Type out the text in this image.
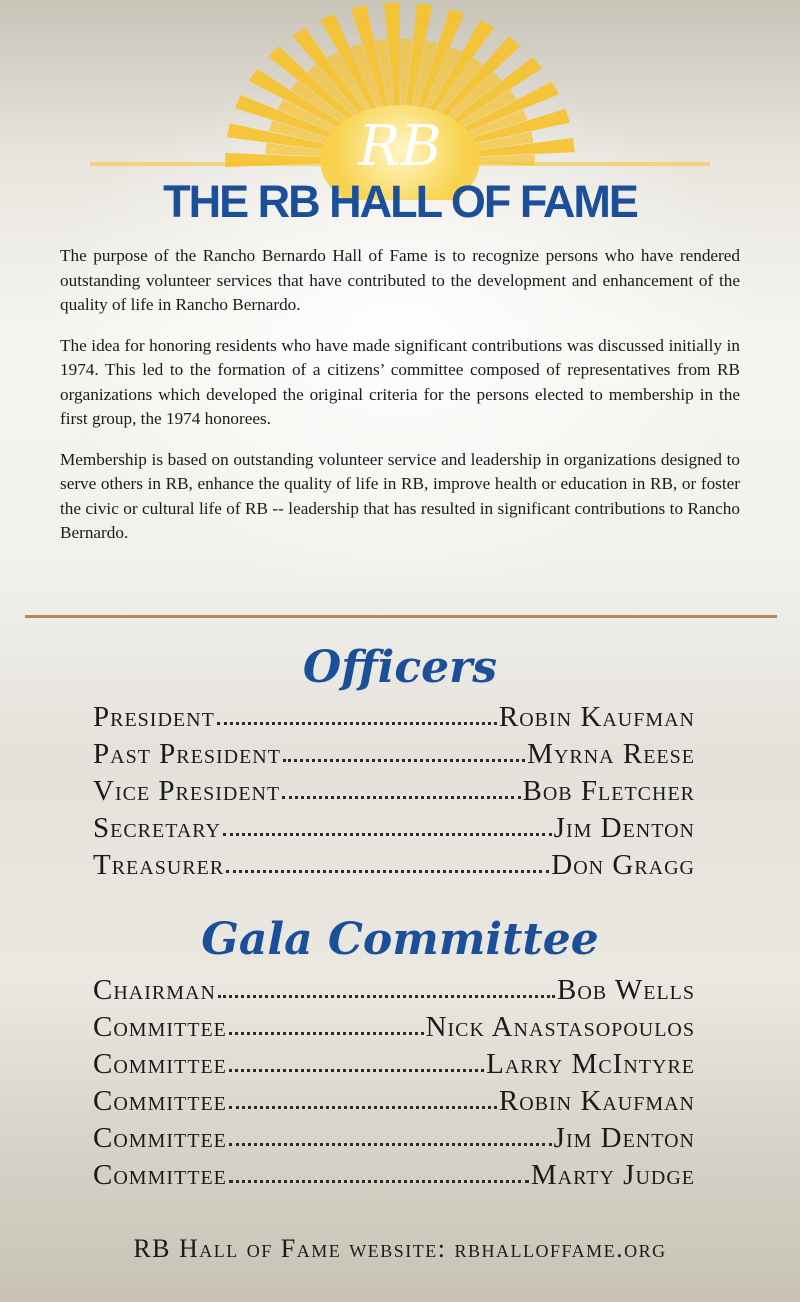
RB
THE RB HALL OF FAME

The purpose of the Rancho Bernardo Hall of Fame is to recognize persons who have rendered outstanding volunteer services that have contributed to the development and enhancement of the quality of life in Rancho Bernardo.

The idea for honoring residents who have made significant contributions was discussed initially in 1974. This led to the formation of a citizens’ committee composed of representatives from RB organizations which developed the original criteria for the persons elected to membership in the first group, the 1974 honorees.

Membership is based on outstanding volunteer service and leadership in organizations designed to serve others in RB, enhance the quality of life in RB, improve health or education in RB, or foster the civic or cultural life of RB -- leadership that has resulted in significant contributions to Rancho Bernardo.

Officers
President	Robin Kaufman
Past President	Myrna Reese
Vice President	Bob Fletcher
Secretary	Jim Denton
Treasurer	Don Gragg
Gala Committee
Chairman	Bob Wells
Committee	Nick Anastasopoulos
Committee	Larry McIntyre
Committee	Robin Kaufman
Committee	Jim Denton
Committee	Marty Judge
RB Hall of Fame website: rbhalloffame.org
